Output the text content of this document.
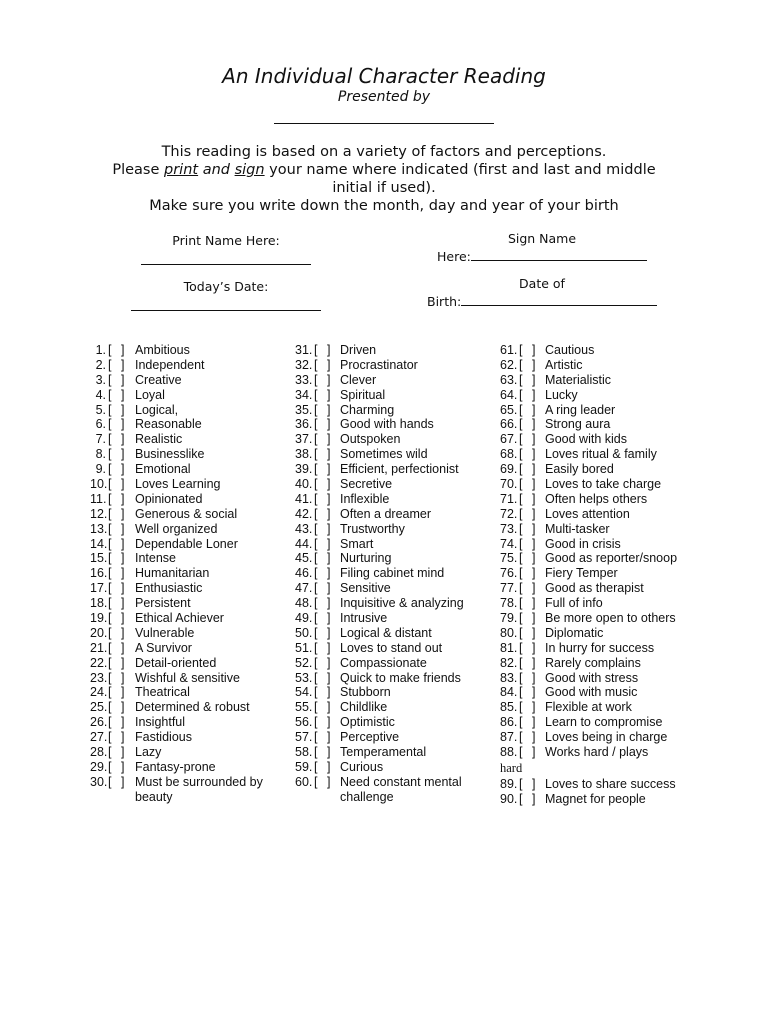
An Individual Character Reading
Presented by
This reading is based on a variety of factors and perceptions.
Please print and sign your name where indicated (first and last and middle
initial if used).
Make sure you write down the month, day and year of your birth
Print Name Here:	Sign Name
Here:
Today’s Date:	Date of
Birth:
1. [ ] Ambitious
2. [ ] Independent
3. [ ] Creative
4. [ ] Loyal
5. [ ] Logical,
6. [ ] Reasonable
7. [ ] Realistic
8. [ ] Businesslike
9. [ ] Emotional
10. [ ] Loves Learning
11. [ ] Opinionated
12. [ ] Generous & social
13. [ ] Well organized
14. [ ] Dependable Loner
15. [ ] Intense
16. [ ] Humanitarian
17. [ ] Enthusiastic
18. [ ] Persistent
19. [ ] Ethical Achiever
20. [ ] Vulnerable
21. [ ] A Survivor
22. [ ] Detail-oriented
23. [ ] Wishful & sensitive
24. [ ] Theatrical
25. [ ] Determined & robust
26. [ ] Insightful
27. [ ] Fastidious
28. [ ] Lazy
29. [ ] Fantasy-prone
30. [ ] Must be surrounded by
beauty
31. [ ] Driven
32. [ ] Procrastinator
33. [ ] Clever
34. [ ] Spiritual
35. [ ] Charming
36. [ ] Good with hands
37. [ ] Outspoken
38. [ ] Sometimes wild
39. [ ] Efficient, perfectionist
40. [ ] Secretive
41. [ ] Inflexible
42. [ ] Often a dreamer
43. [ ] Trustworthy
44. [ ] Smart
45. [ ] Nurturing
46. [ ] Filing cabinet mind
47. [ ] Sensitive
48. [ ] Inquisitive & analyzing
49. [ ] Intrusive
50. [ ] Logical & distant
51. [ ] Loves to stand out
52. [ ] Compassionate
53. [ ] Quick to make friends
54. [ ] Stubborn
55. [ ] Childlike
56. [ ] Optimistic
57. [ ] Perceptive
58. [ ] Temperamental
59. [ ] Curious
60. [ ] Need constant mental
challenge
61. [ ] Cautious
62. [ ] Artistic
63. [ ] Materialistic
64. [ ] Lucky
65. [ ] A ring leader
66. [ ] Strong aura
67. [ ] Good with kids
68. [ ] Loves ritual & family
69. [ ] Easily bored
70. [ ] Loves to take charge
71. [ ] Often helps others
72. [ ] Loves attention
73. [ ] Multi-tasker
74. [ ] Good in crisis
75. [ ] Good as reporter/snoop
76. [ ] Fiery Temper
77. [ ] Good as therapist
78. [ ] Full of info
79. [ ] Be more open to others
80. [ ] Diplomatic
81. [ ] In hurry for success
82. [ ] Rarely complains
83. [ ] Good with stress
84. [ ] Good with music
85. [ ] Flexible at work
86. [ ] Learn to compromise
87. [ ] Loves being in charge
88. [ ] Works hard / plays
hard
89. [ ] Loves to share success
90. [ ] Magnet for people
